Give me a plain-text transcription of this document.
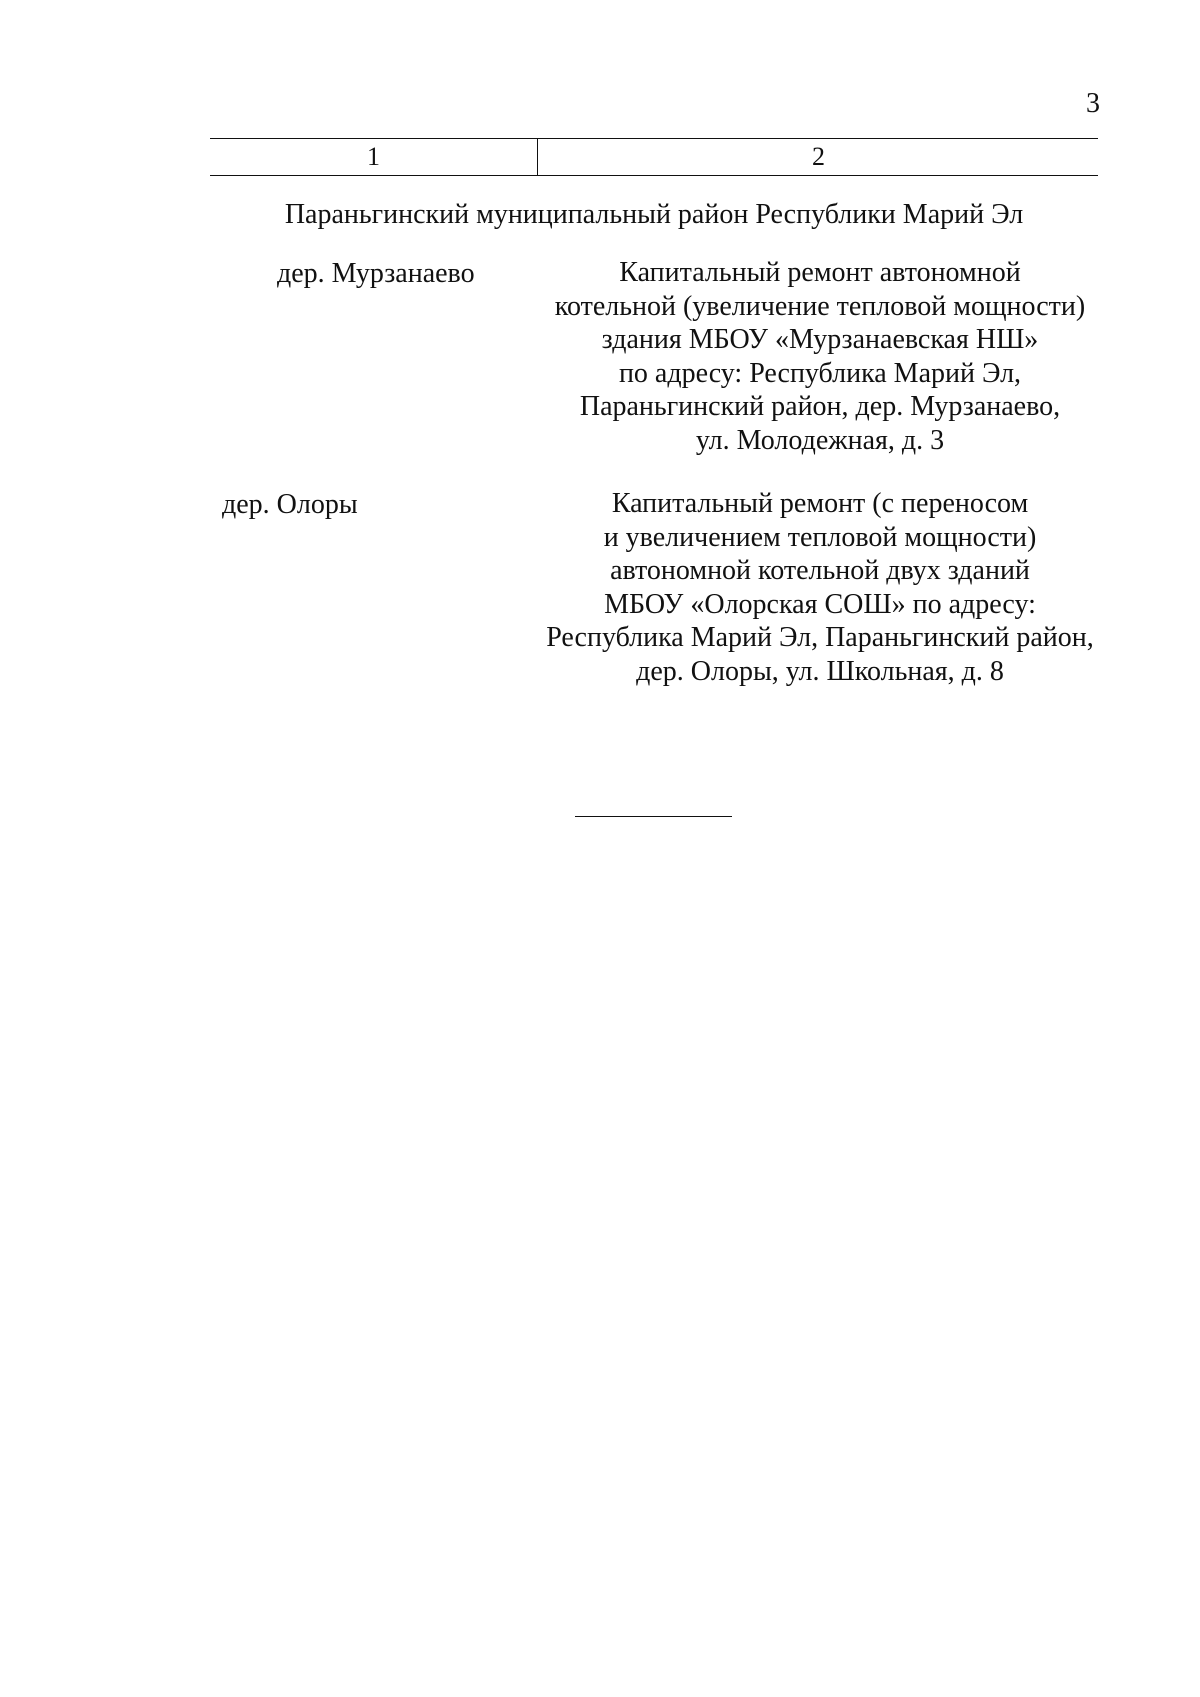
3
1	2
Параньгинский муниципальный район Республики Марий Эл
дер. Мурзанаево	Капитальный ремонт автономной
котельной (увеличение тепловой мощности)
здания МБОУ «Мурзанаевская НШ»
по адресу: Республика Марий Эл,
Параньгинский район, дер. Мурзанаево,
ул. Молодежная, д. 3
дер. Олоры	Капитальный ремонт (с переносом
и увеличением тепловой мощности)
автономной котельной двух зданий
МБОУ «Олорская СОШ» по адресу:
Республика Марий Эл, Параньгинский район,
дер. Олоры, ул. Школьная, д. 8
